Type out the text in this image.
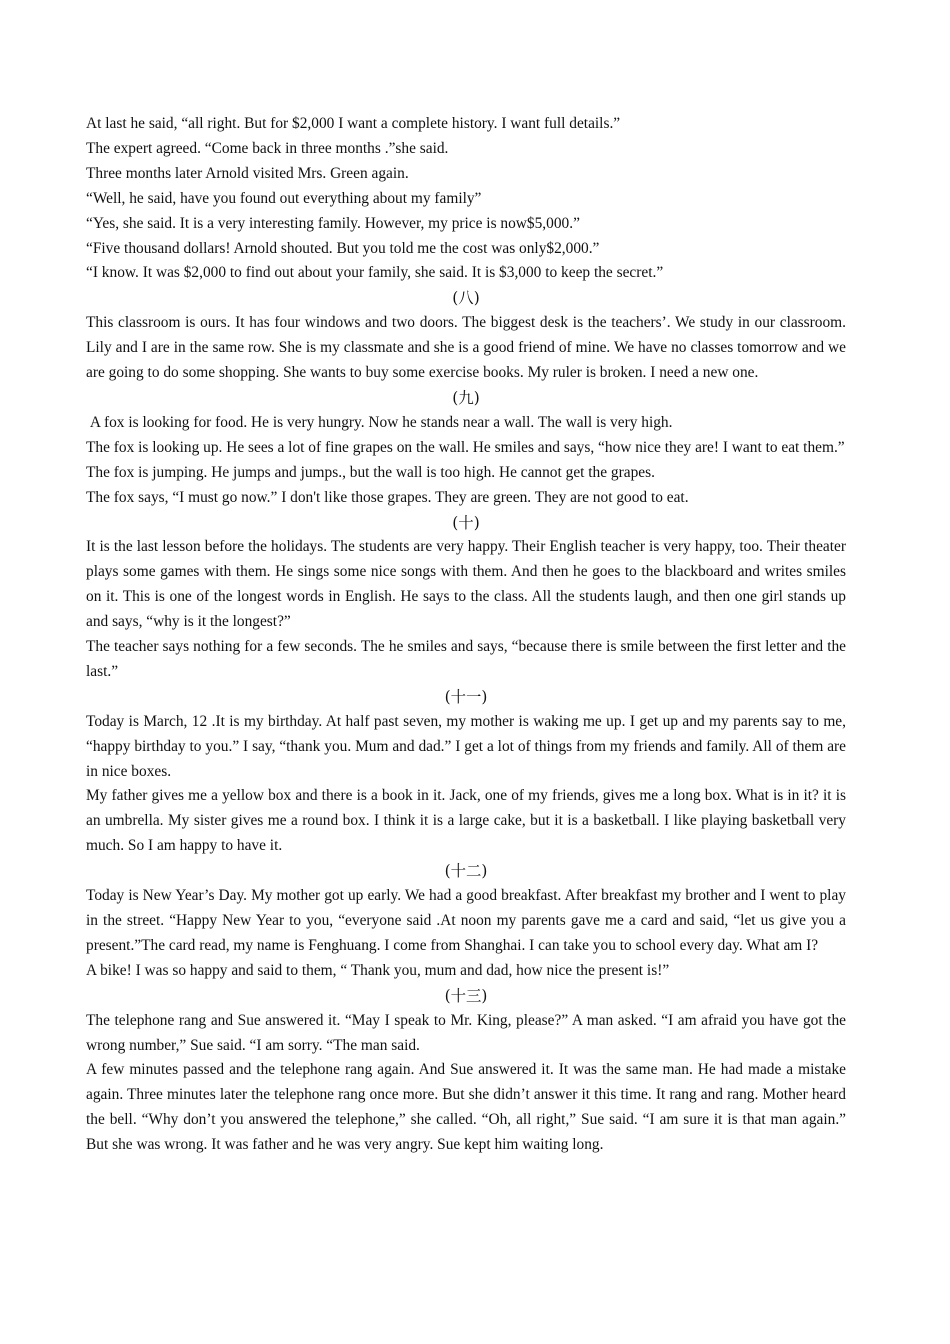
At last he said, “all right. But for $2,000 I want a complete history. I want full details.”

The expert agreed. “Come back in three months .”she said.

Three months later Arnold visited Mrs. Green again.

“Well, he said, have you found out everything about my family”

“Yes, she said. It is a very interesting family. However, my price is now$5,000.”

“Five thousand dollars! Arnold shouted. But you told me the cost was only$2,000.”

“I know. It was $2,000 to find out about your family, she said. It is $3,000 to keep the secret.”

(八)

This classroom is ours. It has four windows and two doors. The biggest desk is the teachers’. We study in our classroom. Lily and I are in the same row. She is my classmate and she is a good friend of mine. We have no classes tomorrow and we are going to do some shopping. She wants to buy some exercise books. My ruler is broken. I need a new one.

(九)

A fox is looking for food. He is very hungry. Now he stands near a wall. The wall is very high.

The fox is looking up. He sees a lot of fine grapes on the wall. He smiles and says, “how nice they are! I want to eat them.”

The fox is jumping. He jumps and jumps., but the wall is too high. He cannot get the grapes.

The fox says, “I must go now.” I don't like those grapes. They are green. They are not good to eat.

(十)

It is the last lesson before the holidays. The students are very happy. Their English teacher is very happy, too. Their theater plays some games with them. He sings some nice songs with them. And then he goes to the blackboard and writes smiles on it. This is one of the longest words in English. He says to the class. All the students laugh, and then one girl stands up and says, “why is it the longest?”

The teacher says nothing for a few seconds. The he smiles and says, “because there is smile between the first letter and the last.”

(十一)

Today is March, 12 .It is my birthday. At half past seven, my mother is waking me up. I get up and my parents say to me, “happy birthday to you.” I say, “thank you. Mum and dad.” I get a lot of things from my friends and family. All of them are in nice boxes.

My father gives me a yellow box and there is a book in it. Jack, one of my friends, gives me a long box. What is in it? it is an umbrella. My sister gives me a round box. I think it is a large cake, but it is a basketball. I like playing basketball very much. So I am happy to have it.

(十二)

Today is New Year’s Day. My mother got up early. We had a good breakfast. After breakfast my brother and I went to play in the street. “Happy New Year to you, “everyone said .At noon my parents gave me a card and said, “let us give you a present.”The card read, my name is Fenghuang. I come from Shanghai. I can take you to school every day. What am I?

A bike! I was so happy and said to them, “ Thank you, mum and dad, how nice the present is!”

(十三)

The telephone rang and Sue answered it. “May I speak to Mr. King, please?” A man asked. “I am afraid you have got the wrong number,” Sue said. “I am sorry. “The man said.

A few minutes passed and the telephone rang again. And Sue answered it. It was the same man. He had made a mistake again. Three minutes later the telephone rang once more. But she didn’t answer it this time. It rang and rang. Mother heard the bell. “Why don’t you answered the telephone,” she called. “Oh, all right,” Sue said. “I am sure it is that man again.” But she was wrong. It was father and he was very angry. Sue kept him waiting long.
